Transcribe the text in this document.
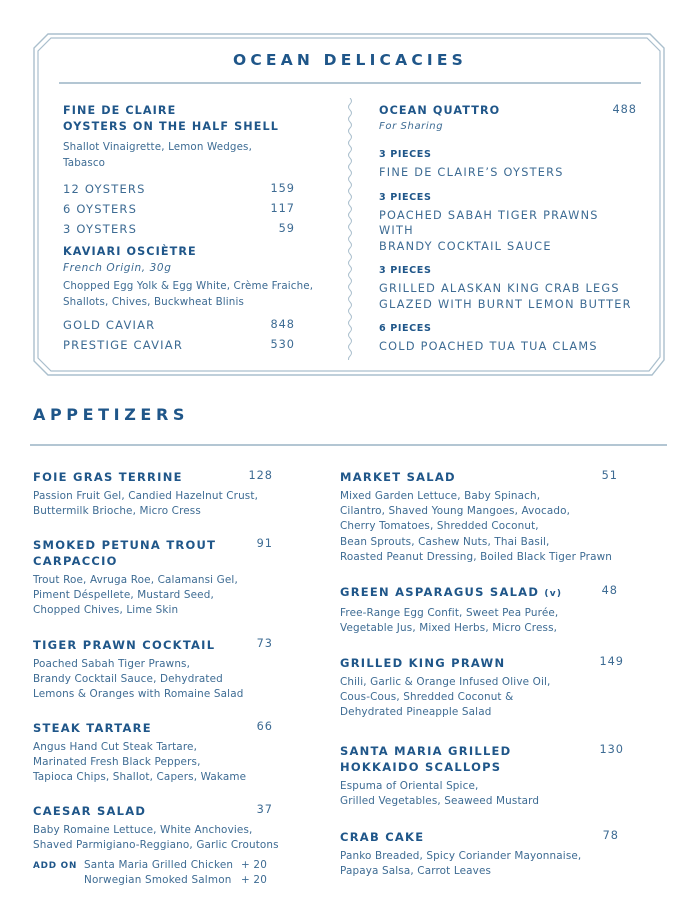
OCEAN DELICACIES
FINE DE CLAIRE
OYSTERS ON THE HALF SHELL
Shallot Vinaigrette, Lemon Wedges, Tabasco
12 OYSTERS	159
6 OYSTERS	117
3 OYSTERS	59
KAVIARI OSCIÈTRE
French Origin, 30g
Chopped Egg Yolk & Egg White, Crème Fraiche,
Shallots, Chives, Buckwheat Blinis
GOLD CAVIAR	848
PRESTIGE CAVIAR	530
OCEAN QUATTRO	488
For Sharing
3 PIECES
FINE DE CLAIRE’S OYSTERS
3 PIECES
POACHED SABAH TIGER PRAWNS WITH
BRANDY COCKTAIL SAUCE
3 PIECES
GRILLED ALASKAN KING CRAB LEGS
GLAZED WITH BURNT LEMON BUTTER
6 PIECES
COLD POACHED TUA TUA CLAMS
APPETIZERS
FOIE GRAS TERRINE	128
Passion Fruit Gel, Candied Hazelnut Crust,
Buttermilk Brioche, Micro Cress
SMOKED PETUNA TROUT
CARPACCIO
91
Trout Roe, Avruga Roe, Calamansi Gel,
Piment Déspellete, Mustard Seed,
Chopped Chives, Lime Skin
TIGER PRAWN COCKTAIL	73
Poached Sabah Tiger Prawns,
Brandy Cocktail Sauce, Dehydrated
Lemons & Oranges with Romaine Salad
STEAK TARTARE	66
Angus Hand Cut Steak Tartare,
Marinated Fresh Black Peppers,
Tapioca Chips, Shallot, Capers, Wakame
CAESAR SALAD	37
Baby Romaine Lettuce, White Anchovies,
Shaved Parmigiano-Reggiano, Garlic Croutons
ADD ON Santa Maria Grilled Chicken + 20
Norwegian Smoked Salmon + 20
MARKET SALAD	51
Mixed Garden Lettuce, Baby Spinach,
Cilantro, Shaved Young Mangoes, Avocado,
Cherry Tomatoes, Shredded Coconut,
Bean Sprouts, Cashew Nuts, Thai Basil,
Roasted Peanut Dressing, Boiled Black Tiger Prawn
GREEN ASPARAGUS SALAD (v)	48
Free-Range Egg Confit, Sweet Pea Purée,
Vegetable Jus, Mixed Herbs, Micro Cress,
GRILLED KING PRAWN	149
Chili, Garlic & Orange Infused Olive Oil,
Cous-Cous, Shredded Coconut &
Dehydrated Pineapple Salad
SANTA MARIA GRILLED
HOKKAIDO SCALLOPS
130
Espuma of Oriental Spice,
Grilled Vegetables, Seaweed Mustard
CRAB CAKE	78
Panko Breaded, Spicy Coriander Mayonnaise,
Papaya Salsa, Carrot Leaves
